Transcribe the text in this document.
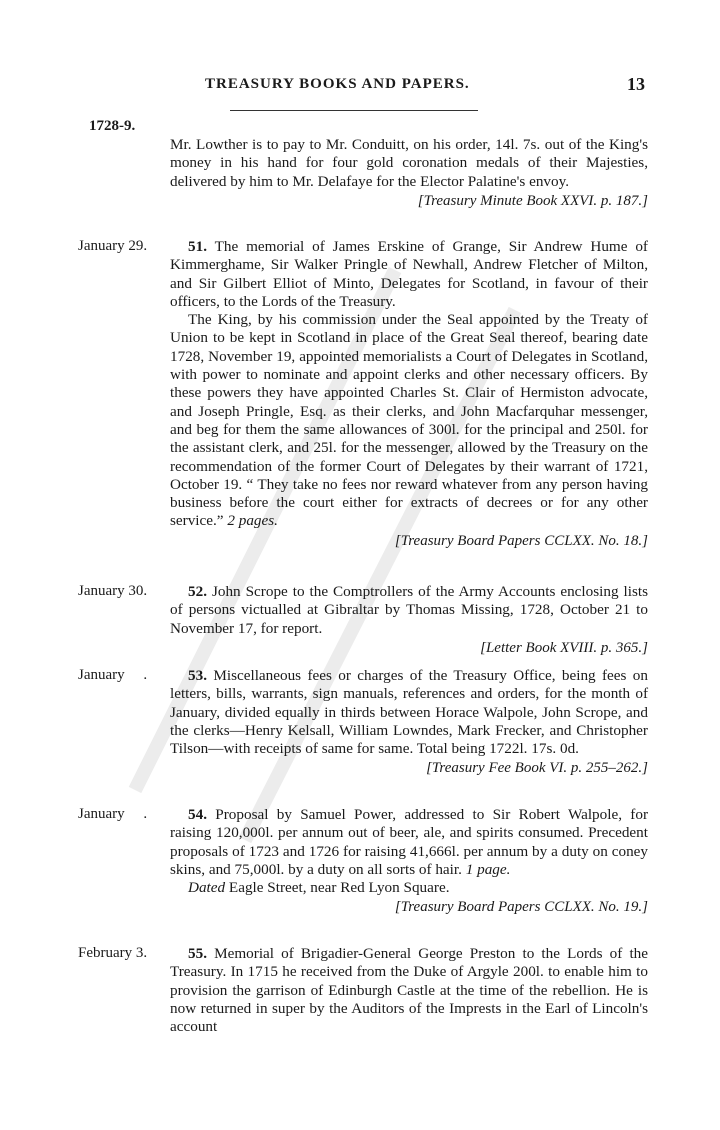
TREASURY BOOKS AND PAPERS.	13
1728-9.

Mr. Lowther is to pay to Mr. Conduitt, on his order, 14l. 7s. out of the King's money in his hand for four gold coronation medals of their Majesties, delivered by him to Mr. Delafaye for the Elector Palatine's envoy.

[Treasury Minute Book XXVI. p. 187.]
January 29.	51. The memorial of James Erskine of Grange, Sir Andrew Hume of Kimmerghame, Sir Walker Pringle of Newhall, Andrew Fletcher of Milton, and Sir Gilbert Elliot of Minto, Delegates for Scotland, in favour of their officers, to the Lords of the Treasury.

The King, by his commission under the Seal appointed by the Treaty of Union to be kept in Scotland in place of the Great Seal thereof, bearing date 1728, November 19, appointed memorialists a Court of Delegates in Scotland, with power to nominate and appoint clerks and other necessary officers. By these powers they have appointed Charles St. Clair of Hermiston advocate, and Joseph Pringle, Esq. as their clerks, and John Macfarquhar messenger, and beg for them the same allowances of 300l. for the principal and 250l. for the assistant clerk, and 25l. for the messenger, allowed by the Treasury on the recommendation of the former Court of Delegates by their warrant of 1721, October 19. “ They take no fees nor reward whatever from any person having business before the court either for extracts of decrees or for any other service.” 2 pages.

[Treasury Board Papers CCLXX. No. 18.]
January 30.	52. John Scrope to the Comptrollers of the Army Accounts enclosing lists of persons victualled at Gibraltar by Thomas Missing, 1728, October 21 to November 17, for report.

[Letter Book XVIII. p. 365.]
January     .	53. Miscellaneous fees or charges of the Treasury Office, being fees on letters, bills, warrants, sign manuals, references and orders, for the month of January, divided equally in thirds between Horace Walpole, John Scrope, and the clerks—Henry Kelsall, William Lowndes, Mark Frecker, and Christopher Tilson—with receipts of same for same. Total being 1722l. 17s. 0d.

[Treasury Fee Book VI. p. 255–262.]
January     .	54. Proposal by Samuel Power, addressed to Sir Robert Walpole, for raising 120,000l. per annum out of beer, ale, and spirits consumed. Precedent proposals of 1723 and 1726 for raising 41,666l. per annum by a duty on coney skins, and 75,000l. by a duty on all sorts of hair. 1 page.

Dated Eagle Street, near Red Lyon Square.

[Treasury Board Papers CCLXX. No. 19.]
February 3.	55. Memorial of Brigadier-General George Preston to the Lords of the Treasury. In 1715 he received from the Duke of Argyle 200l. to enable him to provision the garrison of Edinburgh Castle at the time of the rebellion. He is now returned in super by the Auditors of the Imprests in the Earl of Lincoln's account
